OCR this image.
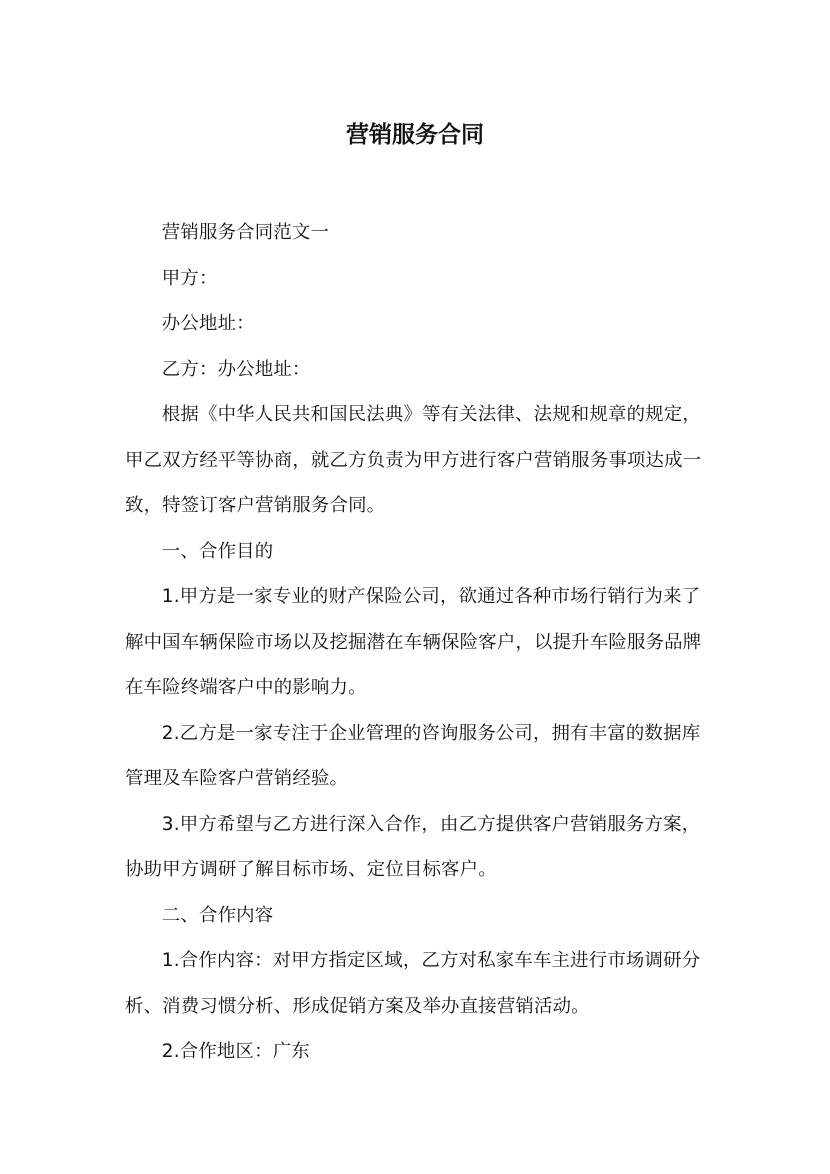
营销服务合同

营销服务合同范文一

甲方：

办公地址：

乙方：办公地址：

根据《中华人民共和国民法典》等有关法律、法规和规章的规定，甲乙双方经平等协商，就乙方负责为甲方进行客户营销服务事项达成一致，特签订客户营销服务合同。

一、合作目的

1.甲方是一家专业的财产保险公司，欲通过各种市场行销行为来了解中国车辆保险市场以及挖掘潜在车辆保险客户，以提升车险服务品牌在车险终端客户中的影响力。

2.乙方是一家专注于企业管理的咨询服务公司，拥有丰富的数据库管理及车险客户营销经验。

3.甲方希望与乙方进行深入合作，由乙方提供客户营销服务方案，协助甲方调研了解目标市场、定位目标客户。

二、合作内容

1.合作内容：对甲方指定区域，乙方对私家车车主进行市场调研分析、消费习惯分析、形成促销方案及举办直接营销活动。

2.合作地区：广东
